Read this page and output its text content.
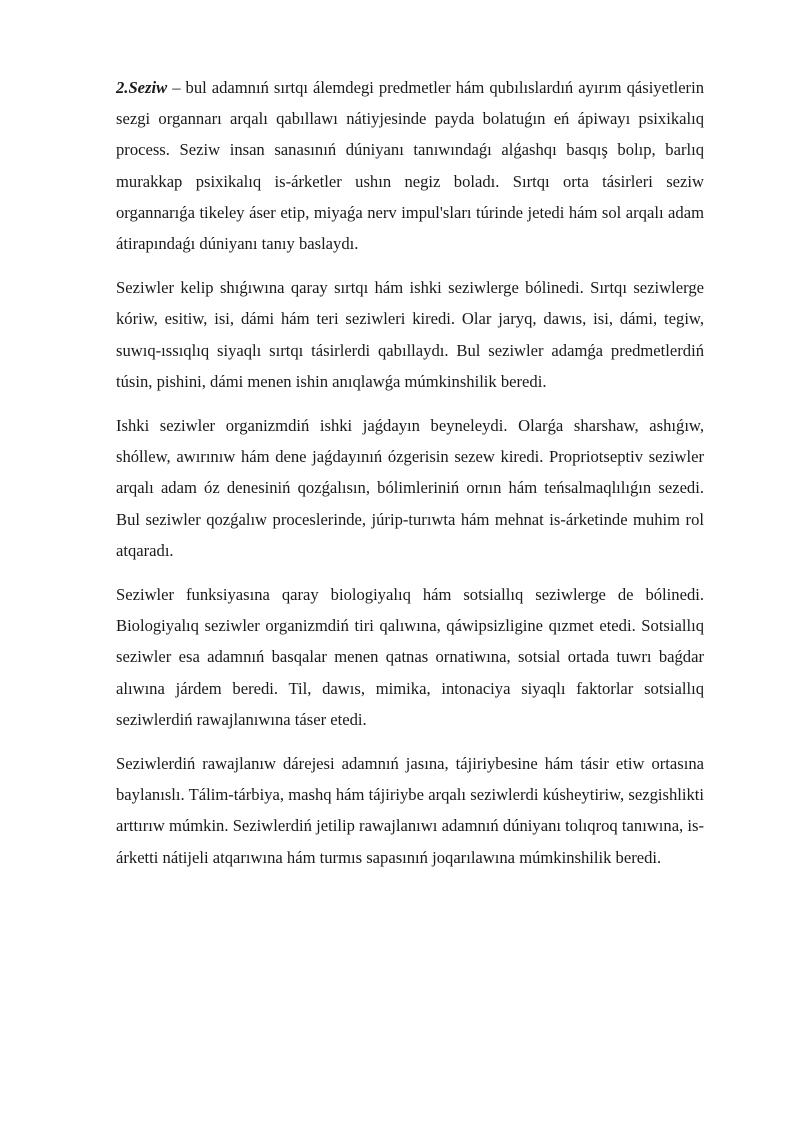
2.Seziw – bul adamnıń sırtqı álemdegi predmetler hám qubılıslardıń ayırım qásiyetlerin sezgi organnarı arqalı qabıllawı nátiyjesinde payda bolatuǵın eń ápiwayı psixikalıq process. Seziw insan sanasınıń dúniyanı tanıwındaǵı alǵashqı basqış bolıp, barlıq murakkap psixikalıq is-árketler ushın negiz boladı. Sırtqı orta tásirleri seziw organnarıǵa tikeley áser etip, miyaǵa nerv impul'sları túrinde jetedi hám sol arqalı adam átirapındaǵı dúniyanı tanıy baslaydı.

Seziwler kelip shıǵıwına qaray sırtqı hám ishki seziwlerge bólinedi. Sırtqı seziwlerge kóriw, esitiw, isi, dámi hám teri seziwleri kiredi. Olar jaryq, dawıs, isi, dámi, tegiw, suwıq-ıssıqlıq siyaqlı sırtqı tásirlerdi qabıllaydı. Bul seziwler adamǵa predmetlerdiń túsin, pishini, dámi menen ishin anıqlawǵa múmkinshilik beredi.

Ishki seziwler organizmdiń ishki jaǵdayın beyneleydi. Olarǵa sharshaw, ashıǵıw, shóllew, awırınıw hám dene jaǵdayınıń ózgerisin sezew kiredi. Propriotseptiv seziwler arqalı adam óz denesiniń qozǵalısın, bólimleriniń ornın hám teńsalmaqlılıǵın sezedi. Bul seziwler qozǵalıw proceslerinde, júrip-turıwta hám mehnat is-árketinde muhim rol atqaradı.

Seziwler funksiyasına qaray biologiyalıq hám sotsiallıq seziwlerge de bólinedi. Biologiyalıq seziwler organizmdiń tiri qalıwına, qáwipsizligine qızmet etedi. Sotsiallıq seziwler esa adamnıń basqalar menen qatnas ornatiwına, sotsial ortada tuwrı baǵdar alıwına járdem beredi. Til, dawıs, mimika, intonaciya siyaqlı faktorlar sotsiallıq seziwlerdiń rawajlanıwına táser etedi.

Seziwlerdiń rawajlanıw dárejesi adamnıń jasına, tájiriybesine hám tásir etiw ortasına baylanıslı. Tálim-tárbiya, mashq hám tájiriybe arqalı seziwlerdi kúsheytiriw, sezgishlikti arttırıw múmkin. Seziwlerdiń jetilip rawajlanıwı adamnıń dúniyanı tolıqroq tanıwına, is-árketti nátijeli atqarıwına hám turmıs sapasınıń joqarılawına múmkinshilik beredi.
